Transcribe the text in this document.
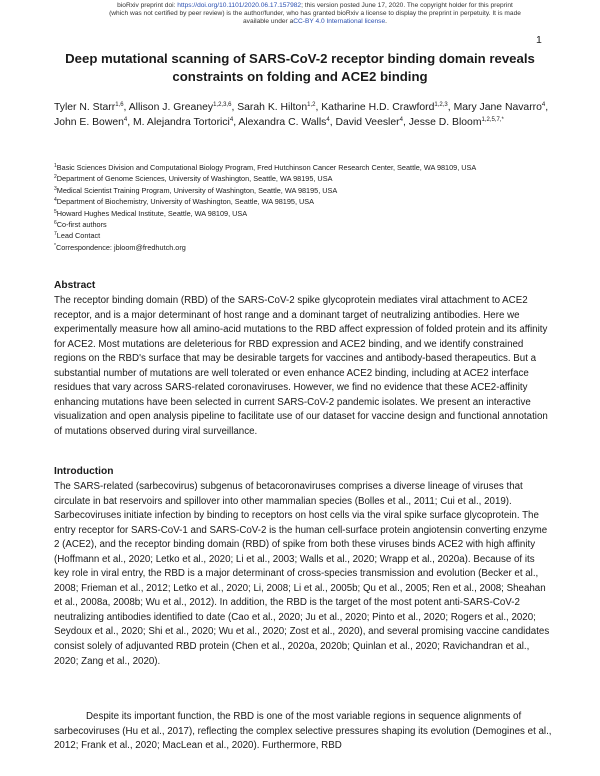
bioRxiv preprint doi: https://doi.org/10.1101/2020.06.17.157982; this version posted June 17, 2020. The copyright holder for this preprint
(which was not certified by peer review) is the author/funder, who has granted bioRxiv a license to display the preprint in perpetuity. It is made
available under aCC-BY 4.0 International license.
1
Deep mutational scanning of SARS-CoV-2 receptor binding domain reveals constraints on folding and ACE2 binding
Tyler N. Starr$^{1,6}$, Allison J. Greaney$^{1,2,3,6}$, Sarah K. Hilton$^{1,2}$, Katharine H.D. Crawford$^{1,2,3}$, Mary Jane Navarro$^4$, John E. Bowen$^4$, M. Alejandra Tortorici$^4$, Alexandra C. Walls$^4$, David Veesler$^4$, Jesse D. Bloom$^{1,2,5,7,*}$
$^1$Basic Sciences Division and Computational Biology Program, Fred Hutchinson Cancer Research Center, Seattle, WA 98109, USA
$^2$Department of Genome Sciences, University of Washington, Seattle, WA 98195, USA
$^3$Medical Scientist Training Program, University of Washington, Seattle, WA 98195, USA
$^4$Department of Biochemistry, University of Washington, Seattle, WA 98195, USA
$^5$Howard Hughes Medical Institute, Seattle, WA 98109, USA
$^6$Co-first authors
$^7$Lead Contact
*Correspondence: jbloom@fredhutch.org
Abstract

The receptor binding domain (RBD) of the SARS-CoV-2 spike glycoprotein mediates viral attachment to ACE2 receptor, and is a major determinant of host range and a dominant target of neutralizing antibodies. Here we experimentally measure how all amino-acid mutations to the RBD affect expression of folded protein and its affinity for ACE2. Most mutations are deleterious for RBD expression and ACE2 binding, and we identify constrained regions on the RBD's surface that may be desirable targets for vaccines and antibody-based therapeutics. But a substantial number of mutations are well tolerated or even enhance ACE2 binding, including at ACE2 interface residues that vary across SARS-related coronaviruses. However, we find no evidence that these ACE2-affinity enhancing mutations have been selected in current SARS-CoV-2 pandemic isolates. We present an interactive visualization and open analysis pipeline to facilitate use of our dataset for vaccine design and functional annotation of mutations observed during viral surveillance.

Introduction

The SARS-related (sarbecovirus) subgenus of betacoronaviruses comprises a diverse lineage of viruses that circulate in bat reservoirs and spillover into other mammalian species (Bolles et al., 2011; Cui et al., 2019). Sarbecoviruses initiate infection by binding to receptors on host cells via the viral spike surface glycoprotein. The entry receptor for SARS-CoV-1 and SARS-CoV-2 is the human cell-surface protein angiotensin converting enzyme 2 (ACE2), and the receptor binding domain (RBD) of spike from both these viruses binds ACE2 with high affinity (Hoffmann et al., 2020; Letko et al., 2020; Li et al., 2003; Walls et al., 2020; Wrapp et al., 2020a). Because of its key role in viral entry, the RBD is a major determinant of cross-species transmission and evolution (Becker et al., 2008; Frieman et al., 2012; Letko et al., 2020; Li, 2008; Li et al., 2005b; Qu et al., 2005; Ren et al., 2008; Sheahan et al., 2008a, 2008b; Wu et al., 2012). In addition, the RBD is the target of the most potent anti-SARS-CoV-2 neutralizing antibodies identified to date (Cao et al., 2020; Ju et al., 2020; Pinto et al., 2020; Rogers et al., 2020; Seydoux et al., 2020; Shi et al., 2020; Wu et al., 2020; Zost et al., 2020), and several promising vaccine candidates consist solely of adjuvanted RBD protein (Chen et al., 2020a, 2020b; Quinlan et al., 2020; Ravichandran et al., 2020; Zang et al., 2020).

Despite its important function, the RBD is one of the most variable regions in sequence alignments of sarbecoviruses (Hu et al., 2017), reflecting the complex selective pressures shaping its evolution (Demogines et al., 2012; Frank et al., 2020; MacLean et al., 2020). Furthermore, RBD
